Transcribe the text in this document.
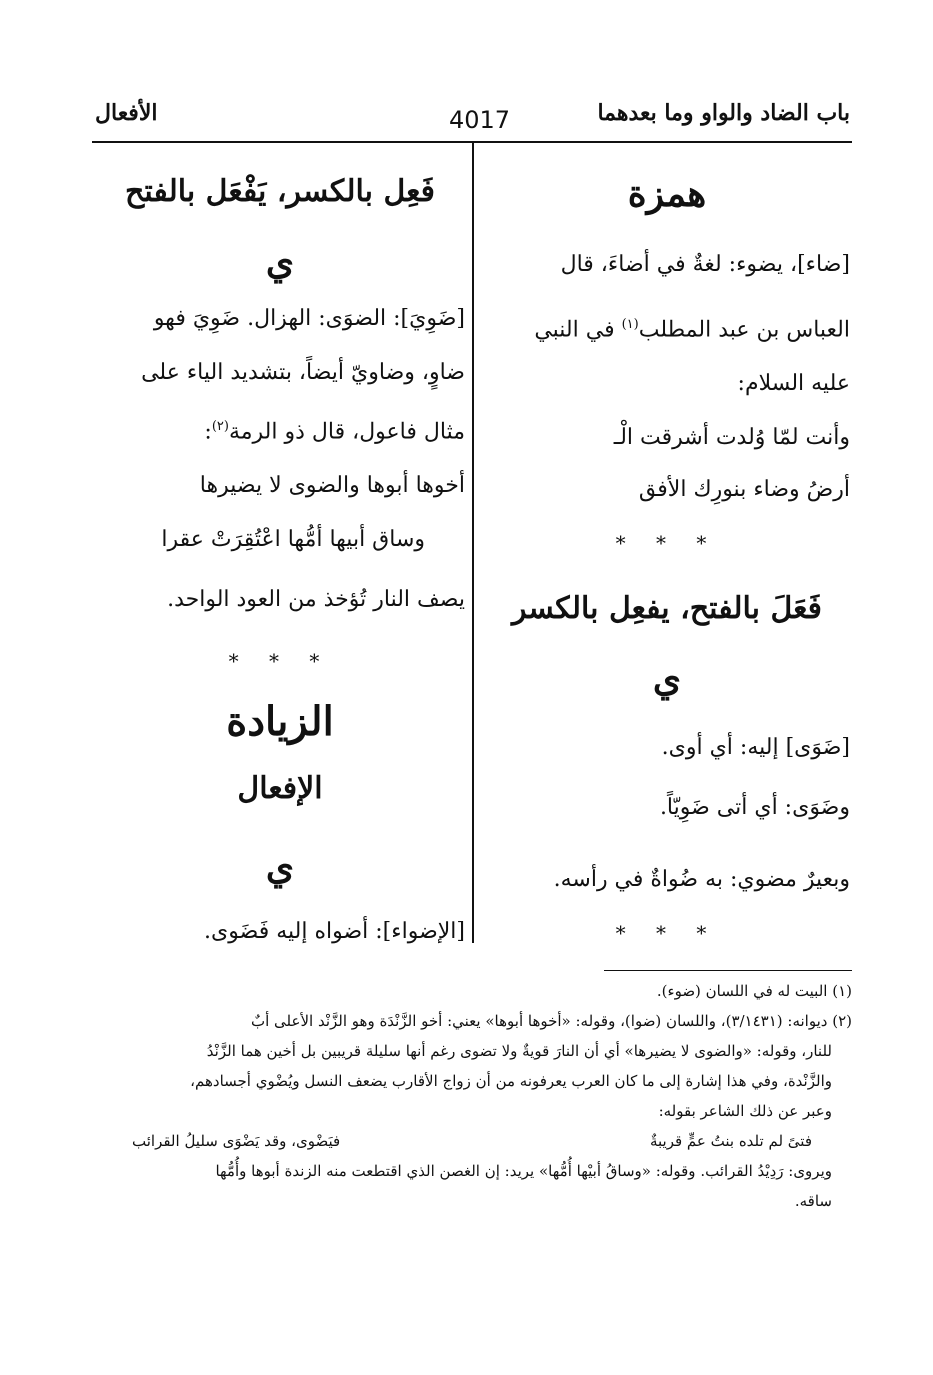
باب الضاد والواو وما بعدهما
4017
الأفعال
همزة
[ضاء]، يضوء: لغةٌ في أضاءَ، قال
العباس بن عبد المطلب$^{(١)}$ في النبي
عليه السلام:
وأنت لمّا وُلدت أشرقت الْـ
أرضُ وضاء بنورِك الأفق
* * *
فَعَلَ بالفتح، يفعِل بالكسر
ي
[ضَوَى] إليه: أي أوى.
وضَوَى: أي أتى ضَوِيّاً.
وبعيرٌ مضوي: به ضُواةٌ في رأسه.
* * *
فَعِل بالكسر، يَفْعَل بالفتح
ي
[ضَوِيَ]: الضوَى: الهزال. ضَوِيَ فهو
ضاوٍ، وضاويّ أيضاً، بتشديد الياء على
مثال فاعول، قال ذو الرمة$^{(٢)}$:
أخوها أبوها والضوى لا يضيرها
وساق أبيها أمُّها اعْتُقِرَتْ عقرا
يصف النار تُؤخذ من العود الواحد.
* * *
الزيادة
الإفعال
ي
[الإضواء]: أضواه إليه فَضَوى.
(١) البيت له في اللسان (ضوء).
(٢) ديوانه: (٣/١٤٣١)، واللسان (ضوا)، وقوله: «أخوها أبوها» يعني: أخو الزَّنْدَة وهو الزَّنْد الأعلى أبٌ
للنار، وقوله: «والضوى لا يضيرها» أي أن النارَ قويةٌ ولا تضوى رغم أنها سليلة قريبين بل أخين هما الزَّنْدُ
والزَّنْدة، وفي هذا إشارة إلى ما كان العرب يعرفونه من أن زواج الأقارب يضعف النسل ويُضْوي أجسادهم،
وعبر عن ذلك الشاعر بقوله:
فتىً لم تلده بنتُ عمٍّ قريبةٌ
فيَضْوى، وقد يَضْوَى سليلُ القرائب
ويروى: رَدِيْدُ القرائب. وقوله: «وساقُ أبيْها أُمُّها» يريد: إن الغصن الذي اقتطعت منه الزندة أبوها وأُمُّها
ساقه.
